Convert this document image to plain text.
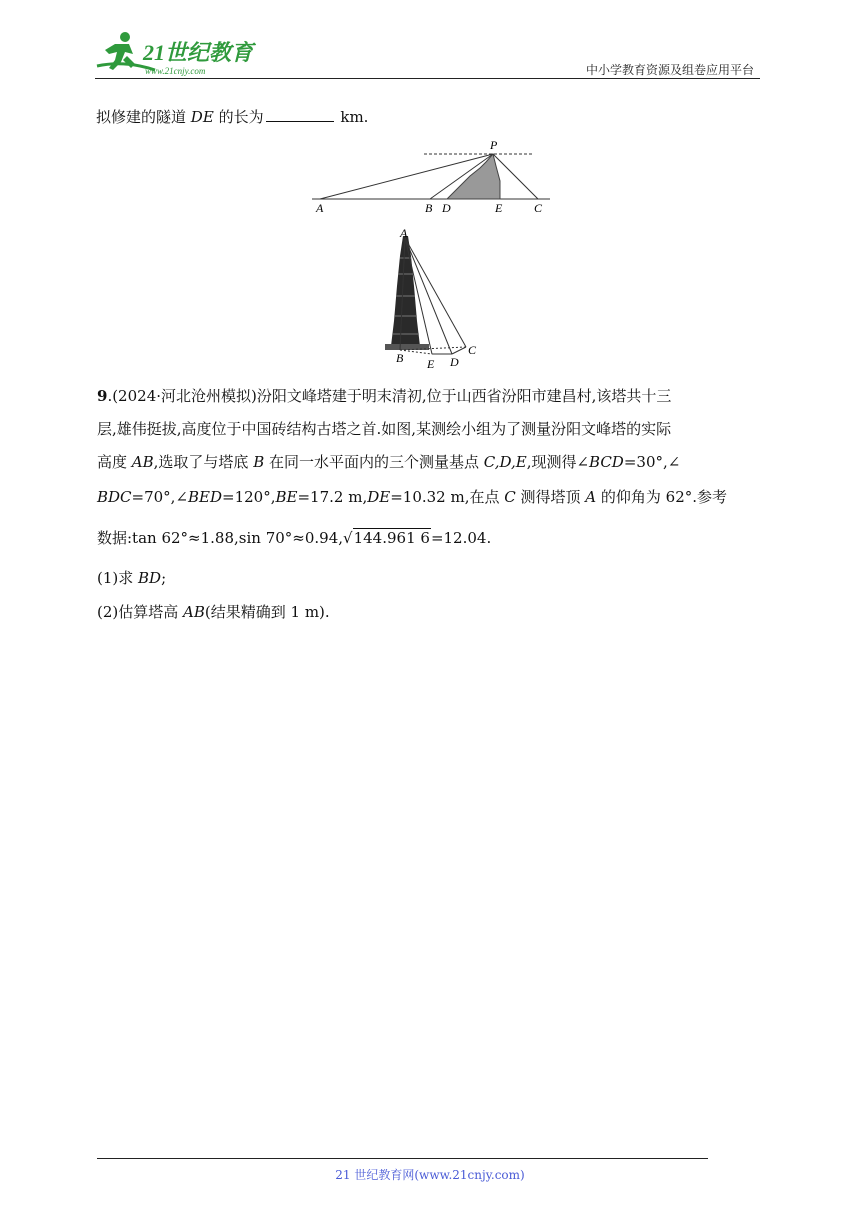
21世纪教育
www.21cnjy.com	中小学教育资源及组卷应用平台
拟修建的隧道 DE 的长为	km.
P
A	B D	E	C
A
B E D
C
9.(2024·河北沧州模拟)汾阳文峰塔建于明末清初,位于山西省汾阳市建昌村,该塔共十三
层,雄伟挺拔,高度位于中国砖结构古塔之首.如图,某测绘小组为了测量汾阳文峰塔的实际
高度 AB,选取了与塔底 B 在同一水平面内的三个测量基点 C,D,E,现测得∠BCD=30°,∠
BDC=70°,∠BED=120°,BE=17.2 m,DE=10.32 m,在点 C 测得塔顶 A 的仰角为 62°.参考
数据:tan 62°≈1.88,sin 70°≈0.94,√144.961 6=12.04.
(1)求 BD;
(2)估算塔高 AB(结果精确到 1 m).
21 世纪教育网(www.21cnjy.com)
